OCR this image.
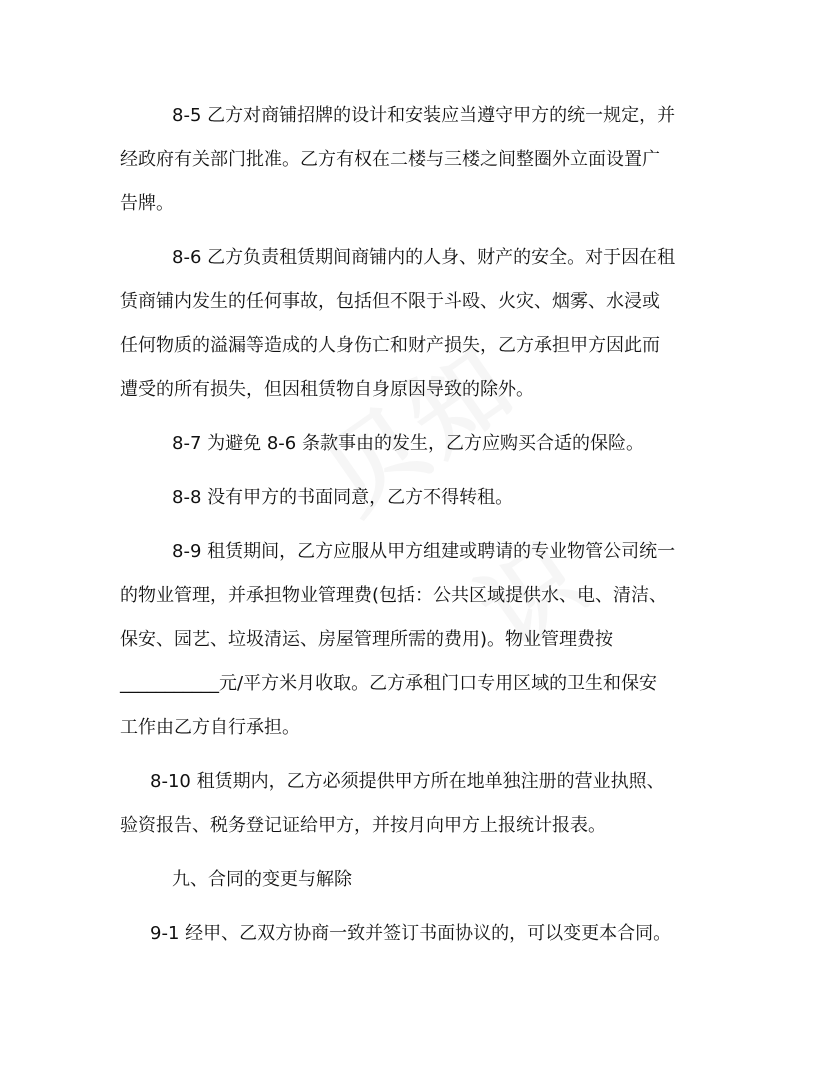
8-5 乙方对商铺招牌的设计和安装应当遵守甲方的统一规定，并
经政府有关部门批准。乙方有权在二楼与三楼之间整圈外立面设置广
告牌。
8-6 乙方负责租赁期间商铺内的人身、财产的安全。对于因在租
赁商铺内发生的任何事故，包括但不限于斗殴、火灾、烟雾、水浸或
任何物质的溢漏等造成的人身伤亡和财产损失，乙方承担甲方因此而
遭受的所有损失，但因租赁物自身原因导致的除外。
8-7 为避免 8-6 条款事由的发生，乙方应购买合适的保险。
8-8 没有甲方的书面同意，乙方不得转租。
8-9 租赁期间，乙方应服从甲方组建或聘请的专业物管公司统一
的物业管理，并承担物业管理费(包括：公共区域提供水、电、清洁、
保安、园艺、垃圾清运、房屋管理所需的费用)。物业管理费按
___________元/平方米月收取。乙方承租门口专用区域的卫生和保安
工作由乙方自行承担。
8-10 租赁期内，乙方必须提供甲方所在地单独注册的营业执照、
验资报告、税务登记证给甲方，并按月向甲方上报统计报表。
九、合同的变更与解除
9-1 经甲、乙双方协商一致并签订书面协议的，可以变更本合同。
